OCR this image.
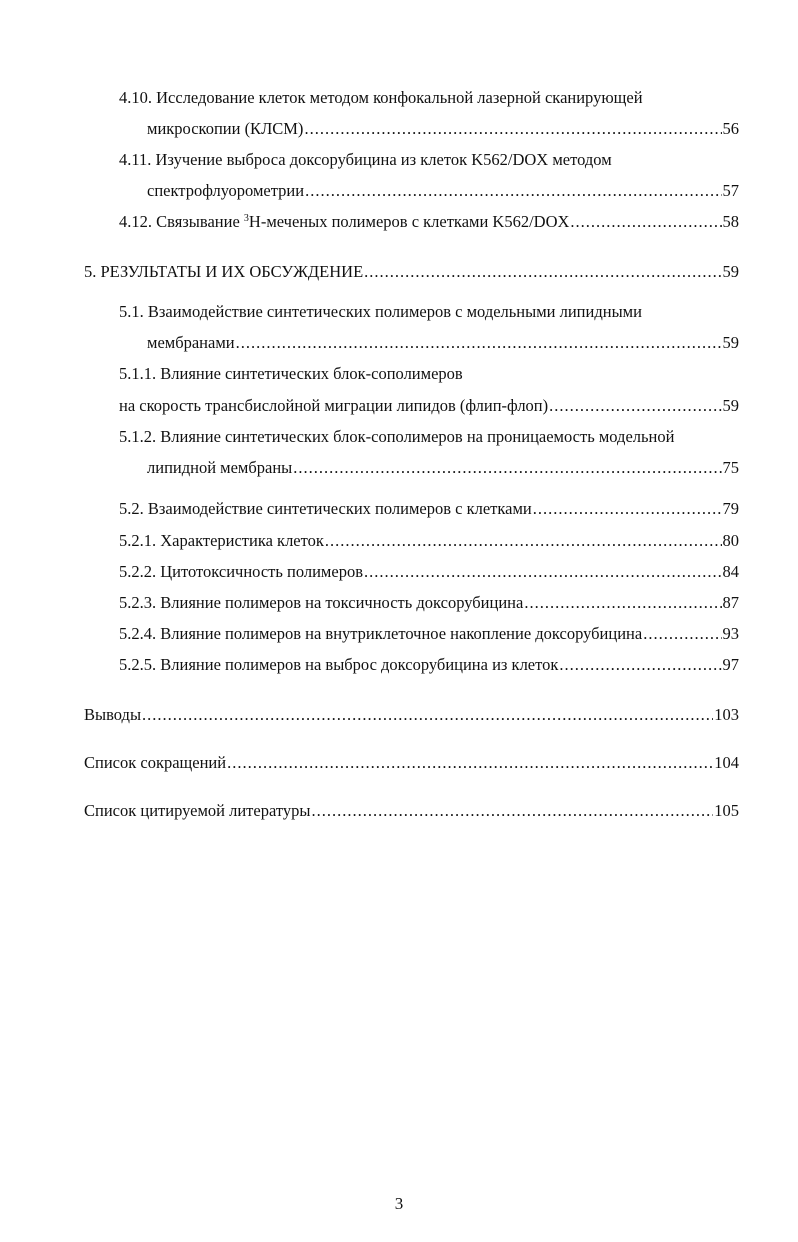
4.10. Исследование клеток методом конфокальной лазерной сканирующей
микроскопии (КЛСМ) .....	56
4.11. Изучение выброса доксорубицина из клеток K562/DOX методом
спектрофлуорометрии .....	57
4.12. Связывание $^3$H-меченых полимеров с клетками K562/DOX .....	58
5. РЕЗУЛЬТАТЫ И ИХ ОБСУЖДЕНИЕ .....	59
5.1. Взаимодействие синтетических полимеров с модельными липидными
мембранами .....	59
5.1.1. Влияние синтетических блок-сополимеров
на скорость трансбислойной миграции липидов (флип-флоп) .....	59
5.1.2. Влияние синтетических блок-сополимеров на проницаемость модельной
липидной мембраны .....	75
5.2. Взаимодействие синтетических полимеров с клетками .....	79
5.2.1. Характеристика клеток .....	80
5.2.2. Цитотоксичность полимеров .....	84
5.2.3. Влияние полимеров на токсичность доксорубицина .....	87
5.2.4. Влияние полимеров на внутриклеточное накопление доксорубицина .....	93
5.2.5. Влияние полимеров на выброс доксорубицина из клеток .....	97
Выводы .....	103
Список сокращений .....	104
Список цитируемой литературы .....	105
3
